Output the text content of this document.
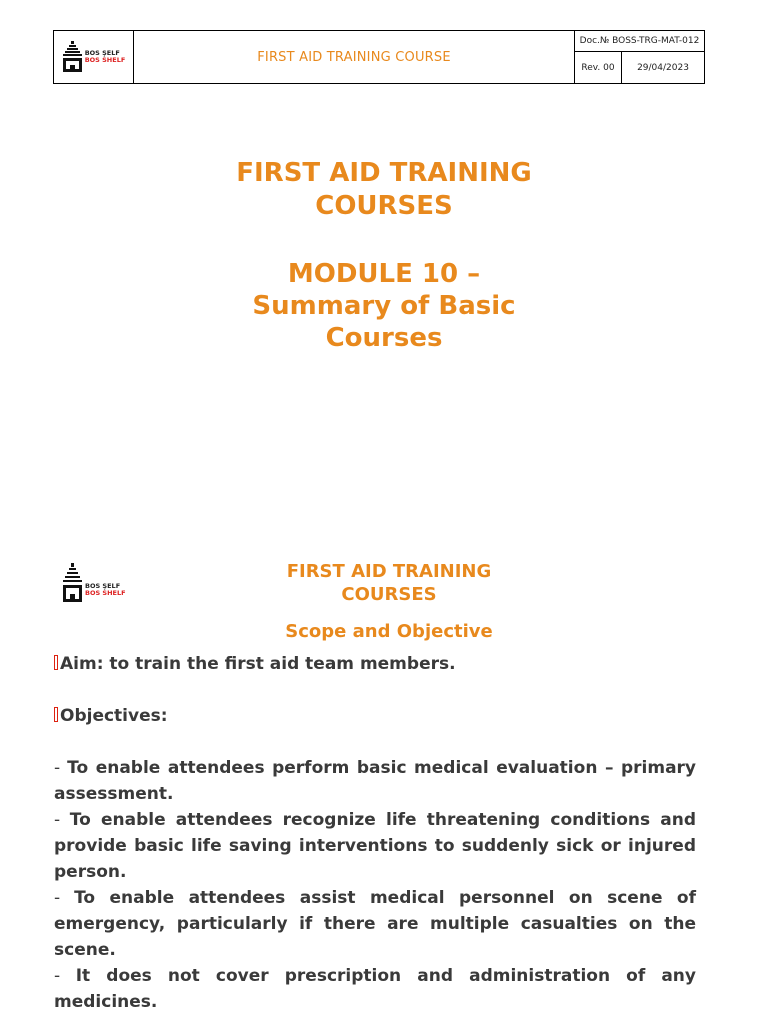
BOS ŞELF
BOS SHELF	FIRST AID TRAINING COURSE
Doc.№ BOSS-TRG-MAT-012
Rev. 00	29/04/2023
FIRST AID TRAINING
COURSES
MODULE 10 –
Summary of Basic
Courses
BOS ŞELF
BOS SHELF
FIRST AID TRAINING
COURSES
Scope and Objective
Aim: to train the first aid team members.
Objectives:

- To enable attendees perform basic medical evaluation – primary assessment.

- To enable attendees recognize life threatening conditions and provide basic life saving interventions to suddenly sick or injured person.

- To enable attendees assist medical personnel on scene of emergency, particularly if there are multiple casualties on the scene.

- It does not cover prescription and administration of any medicines.
